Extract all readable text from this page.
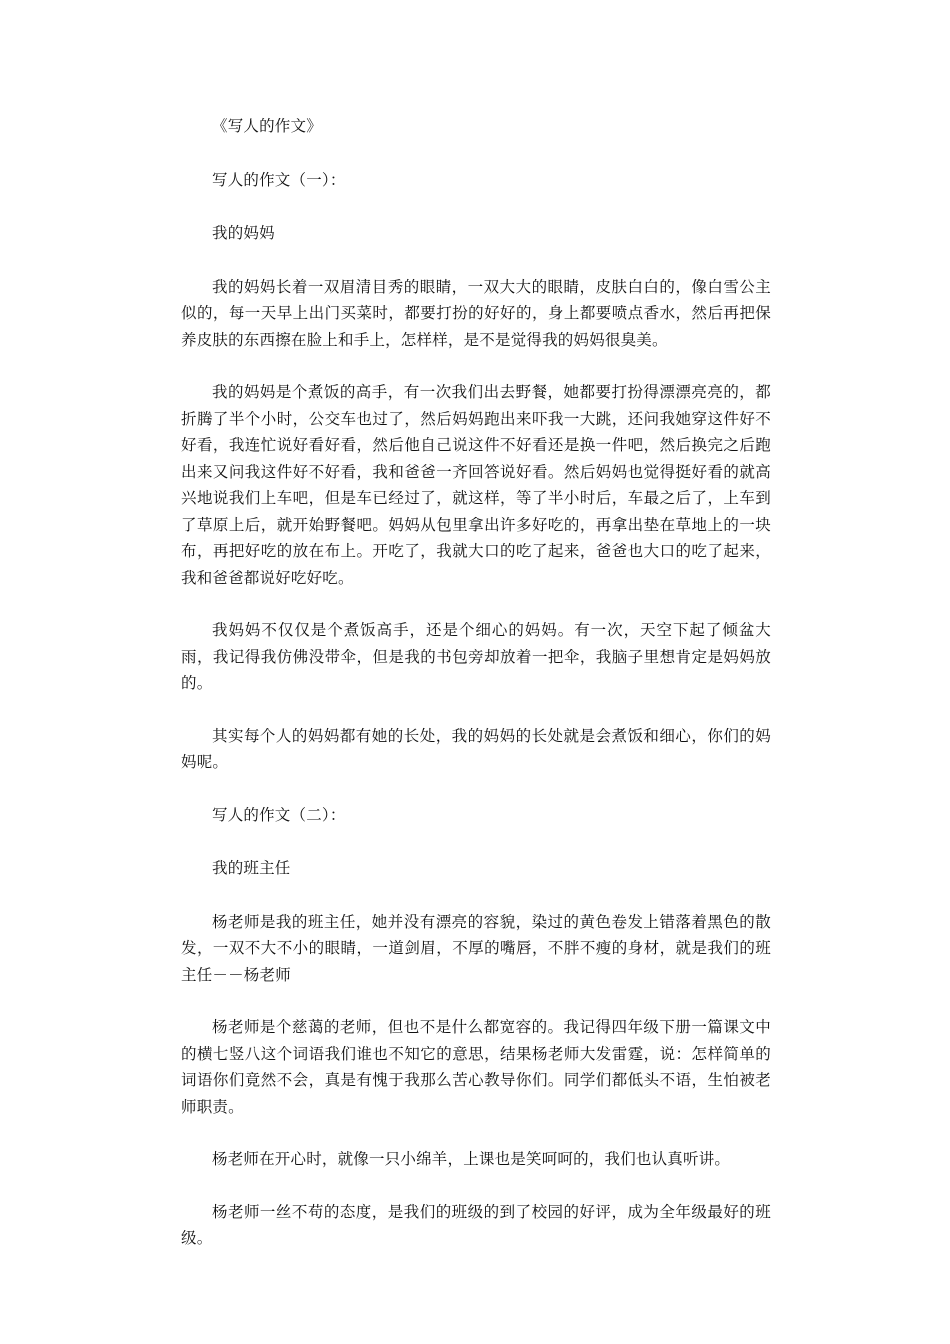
《写人的作文》

写人的作文（一）：

我的妈妈

我的妈妈长着一双眉清目秀的眼睛，一双大大的眼睛，皮肤白白的，像白雪公主似的，每一天早上出门买菜时，都要打扮的好好的，身上都要喷点香水，然后再把保养皮肤的东西擦在脸上和手上，怎样样，是不是觉得我的妈妈很臭美。

我的妈妈是个煮饭的高手，有一次我们出去野餐，她都要打扮得漂漂亮亮的，都折腾了半个小时，公交车也过了，然后妈妈跑出来吓我一大跳，还问我她穿这件好不好看，我连忙说好看好看，然后他自己说这件不好看还是换一件吧，然后换完之后跑出来又问我这件好不好看，我和爸爸一齐回答说好看。然后妈妈也觉得挺好看的就高兴地说我们上车吧，但是车已经过了，就这样，等了半小时后，车最之后了，上车到了草原上后，就开始野餐吧。妈妈从包里拿出许多好吃的，再拿出垫在草地上的一块布，再把好吃的放在布上。开吃了，我就大口的吃了起来，爸爸也大口的吃了起来，我和爸爸都说好吃好吃。

我妈妈不仅仅是个煮饭高手，还是个细心的妈妈。有一次，天空下起了倾盆大雨，我记得我仿佛没带伞，但是我的书包旁却放着一把伞，我脑子里想肯定是妈妈放的。

其实每个人的妈妈都有她的长处，我的妈妈的长处就是会煮饭和细心，你们的妈妈呢。

写人的作文（二）：

我的班主任

杨老师是我的班主任，她并没有漂亮的容貌，染过的黄色卷发上错落着黑色的散发，一双不大不小的眼睛，一道剑眉，不厚的嘴唇，不胖不瘦的身材，就是我们的班主任－－杨老师

杨老师是个慈蔼的老师，但也不是什么都宽容的。我记得四年级下册一篇课文中的横七竖八这个词语我们谁也不知它的意思，结果杨老师大发雷霆，说：怎样简单的词语你们竟然不会，真是有愧于我那么苦心教导你们。同学们都低头不语，生怕被老师职责。

杨老师在开心时，就像一只小绵羊，上课也是笑呵呵的，我们也认真听讲。

杨老师一丝不苟的态度，是我们的班级的到了校园的好评，成为全年级最好的班级。
